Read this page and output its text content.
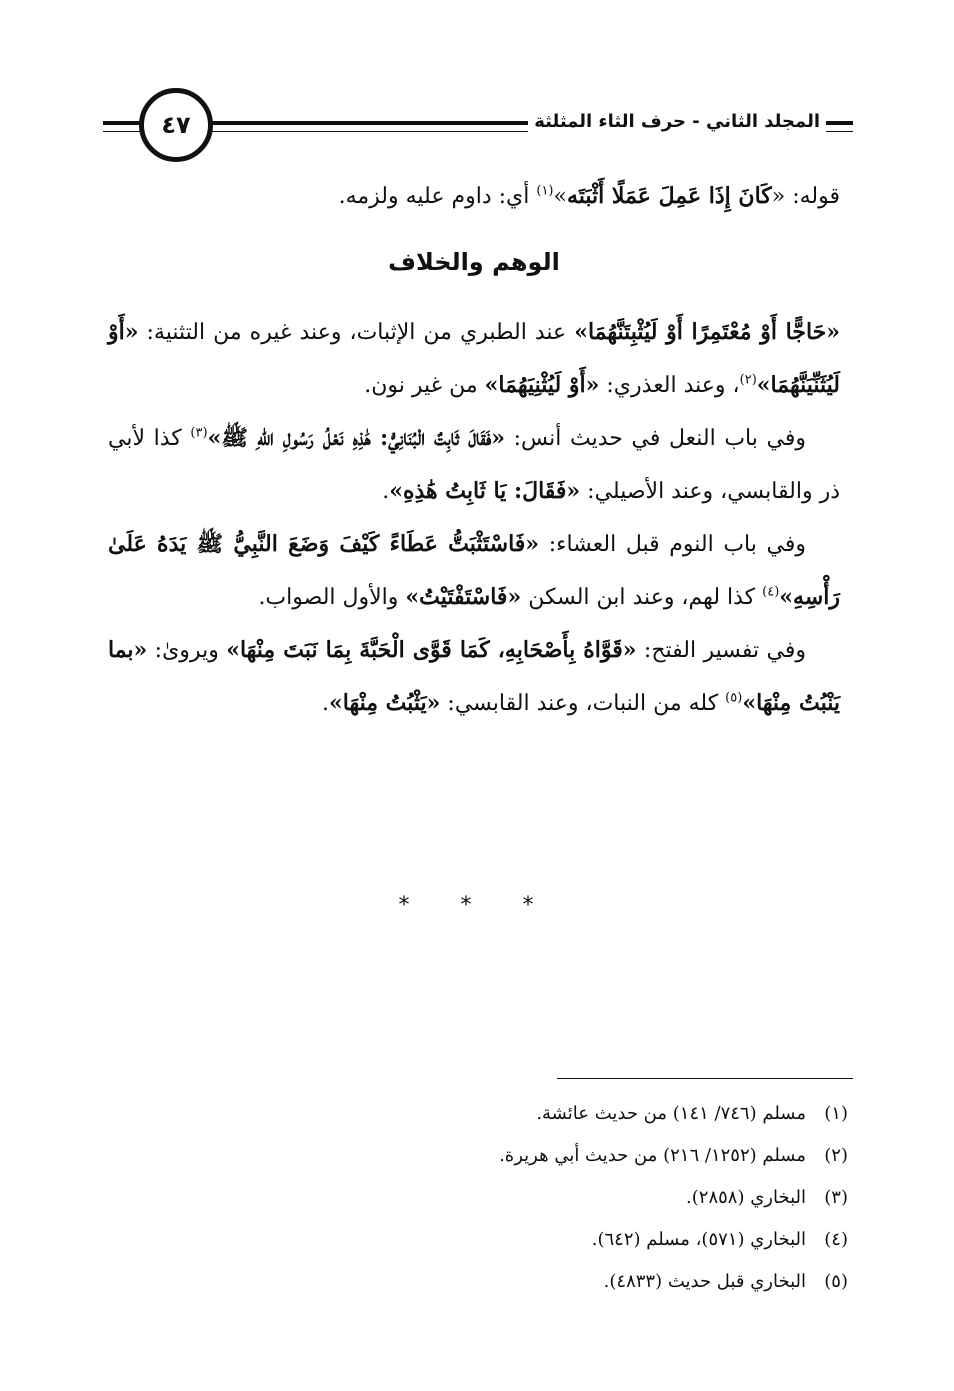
٤٧	المجلد الثاني - حرف الثاء المثلثة

قوله: «كَانَ إِذَا عَمِلَ عَمَلًا أَثْبَتَه»$^{(١)}$ أي: داوم عليه ولزمه.

الوهم والخلاف

«حَاجًّا أَوْ مُعْتَمِرًا أَوْ لَيُثْبِتَنَّهُمَا» عند الطبري من الإثبات، وعند غيره من التثنية: «أَوْ لَيُثَنِّيَنَّهُمَا»$^{(٢)}$، وعند العذري: «أَوْ لَيُثْنِيَهُمَا» من غير نون.

وفي باب النعل في حديث أنس: «فَقَالَ ثَابِتٌ الْبُنَانِيُّ: هَٰذِهِ نَعْلُ رَسُولِ اللهِ ﷺ»$^{(٣)}$ كذا لأبي ذر والقابسي، وعند الأصيلي: «فَقَالَ: يَا ثَابِتُ هَٰذِهِ».

وفي باب النوم قبل العشاء: «فَاسْتَثْبَتُّ عَطَاءً كَيْفَ وَضَعَ النَّبِيُّ ﷺ يَدَهُ عَلَىٰ رَأْسِهِ»$^{(٤)}$ كذا لهم، وعند ابن السكن «فَاسْتَفْتَيْتُ» والأول الصواب.

وفي تفسير الفتح: «قَوَّاهُ بِأَصْحَابِهِ، كَمَا قَوَّى الْحَبَّةَ بِمَا نَبَتَ مِنْهَا» ويروىٰ: «بما يَنْبُتُ مِنْهَا»$^{(٥)}$ كله من النبات، وعند القابسي: «يَثْبُتُ مِنْهَا».

* * *
(١)مسلم (٧٤٦/ ١٤١) من حديث عائشة.
(٢)مسلم (١٢٥٢/ ٢١٦) من حديث أبي هريرة.
(٣)البخاري (٢٨٥٨).
(٤)البخاري (٥٧١)، مسلم (٦٤٢).
(٥)البخاري قبل حديث (٤٨٣٣).
